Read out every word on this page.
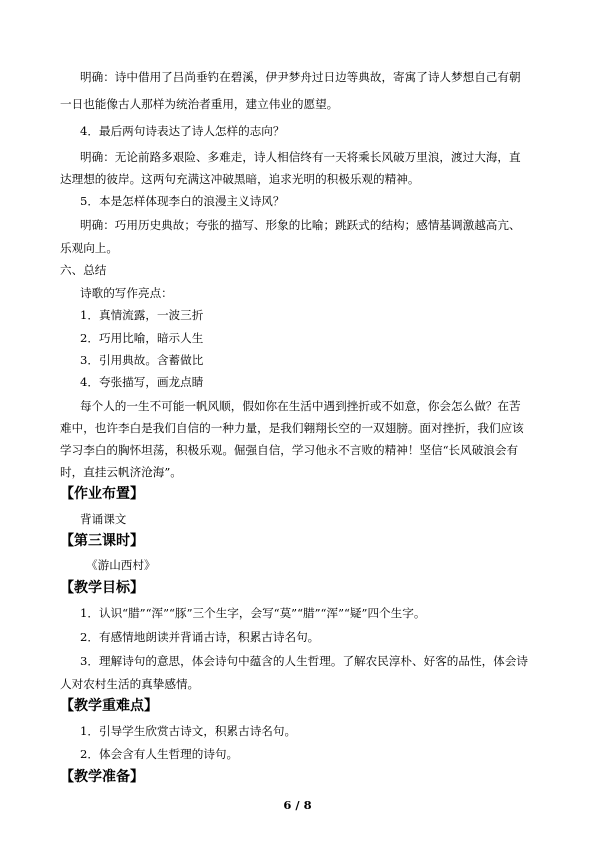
明确：诗中借用了吕尚垂钓在碧溪，伊尹梦舟过日边等典故，寄寓了诗人梦想自己有朝
一日也能像古人那样为统治者重用，建立伟业的愿望。
4．最后两句诗表达了诗人怎样的志向？
明确：无论前路多艰险、多难走，诗人相信终有一天将乘长风破万里浪，渡过大海，直
达理想的彼岸。这两句充满这冲破黑暗，追求光明的积极乐观的精神。
5．本是怎样体现李白的浪漫主义诗风？
明确：巧用历史典故；夸张的描写、形象的比喻；跳跃式的结构；感情基调激越高亢、
乐观向上。
六、总结
诗歌的写作亮点：
1．真情流露，一波三折
2．巧用比喻，暗示人生
3．引用典故。含蓄做比
4．夸张描写，画龙点睛
每个人的一生不可能一帆风顺，假如你在生活中遇到挫折或不如意，你会怎么做？在苦
难中，也许李白是我们自信的一种力量，是我们翱翔长空的一双翅膀。面对挫折，我们应该
学习李白的胸怀坦荡，积极乐观。倔强自信，学习他永不言败的精神！坚信“长风破浪会有
时，直挂云帆济沧海”。
【作业布置】
背诵课文
【第三课时】
《游山西村》
【教学目标】
1．认识“腊”“浑”“豚”三个生字，会写“莫”“腊”“浑”“疑”四个生字。
2．有感情地朗读并背诵古诗，积累古诗名句。
3．理解诗句的意思，体会诗句中蕴含的人生哲理。了解农民淳朴、好客的品性，体会诗
人对农村生活的真挚感情。
【教学重难点】
1．引导学生欣赏古诗文，积累古诗名句。
2．体会含有人生哲理的诗句。
【教学准备】
6 / 8
